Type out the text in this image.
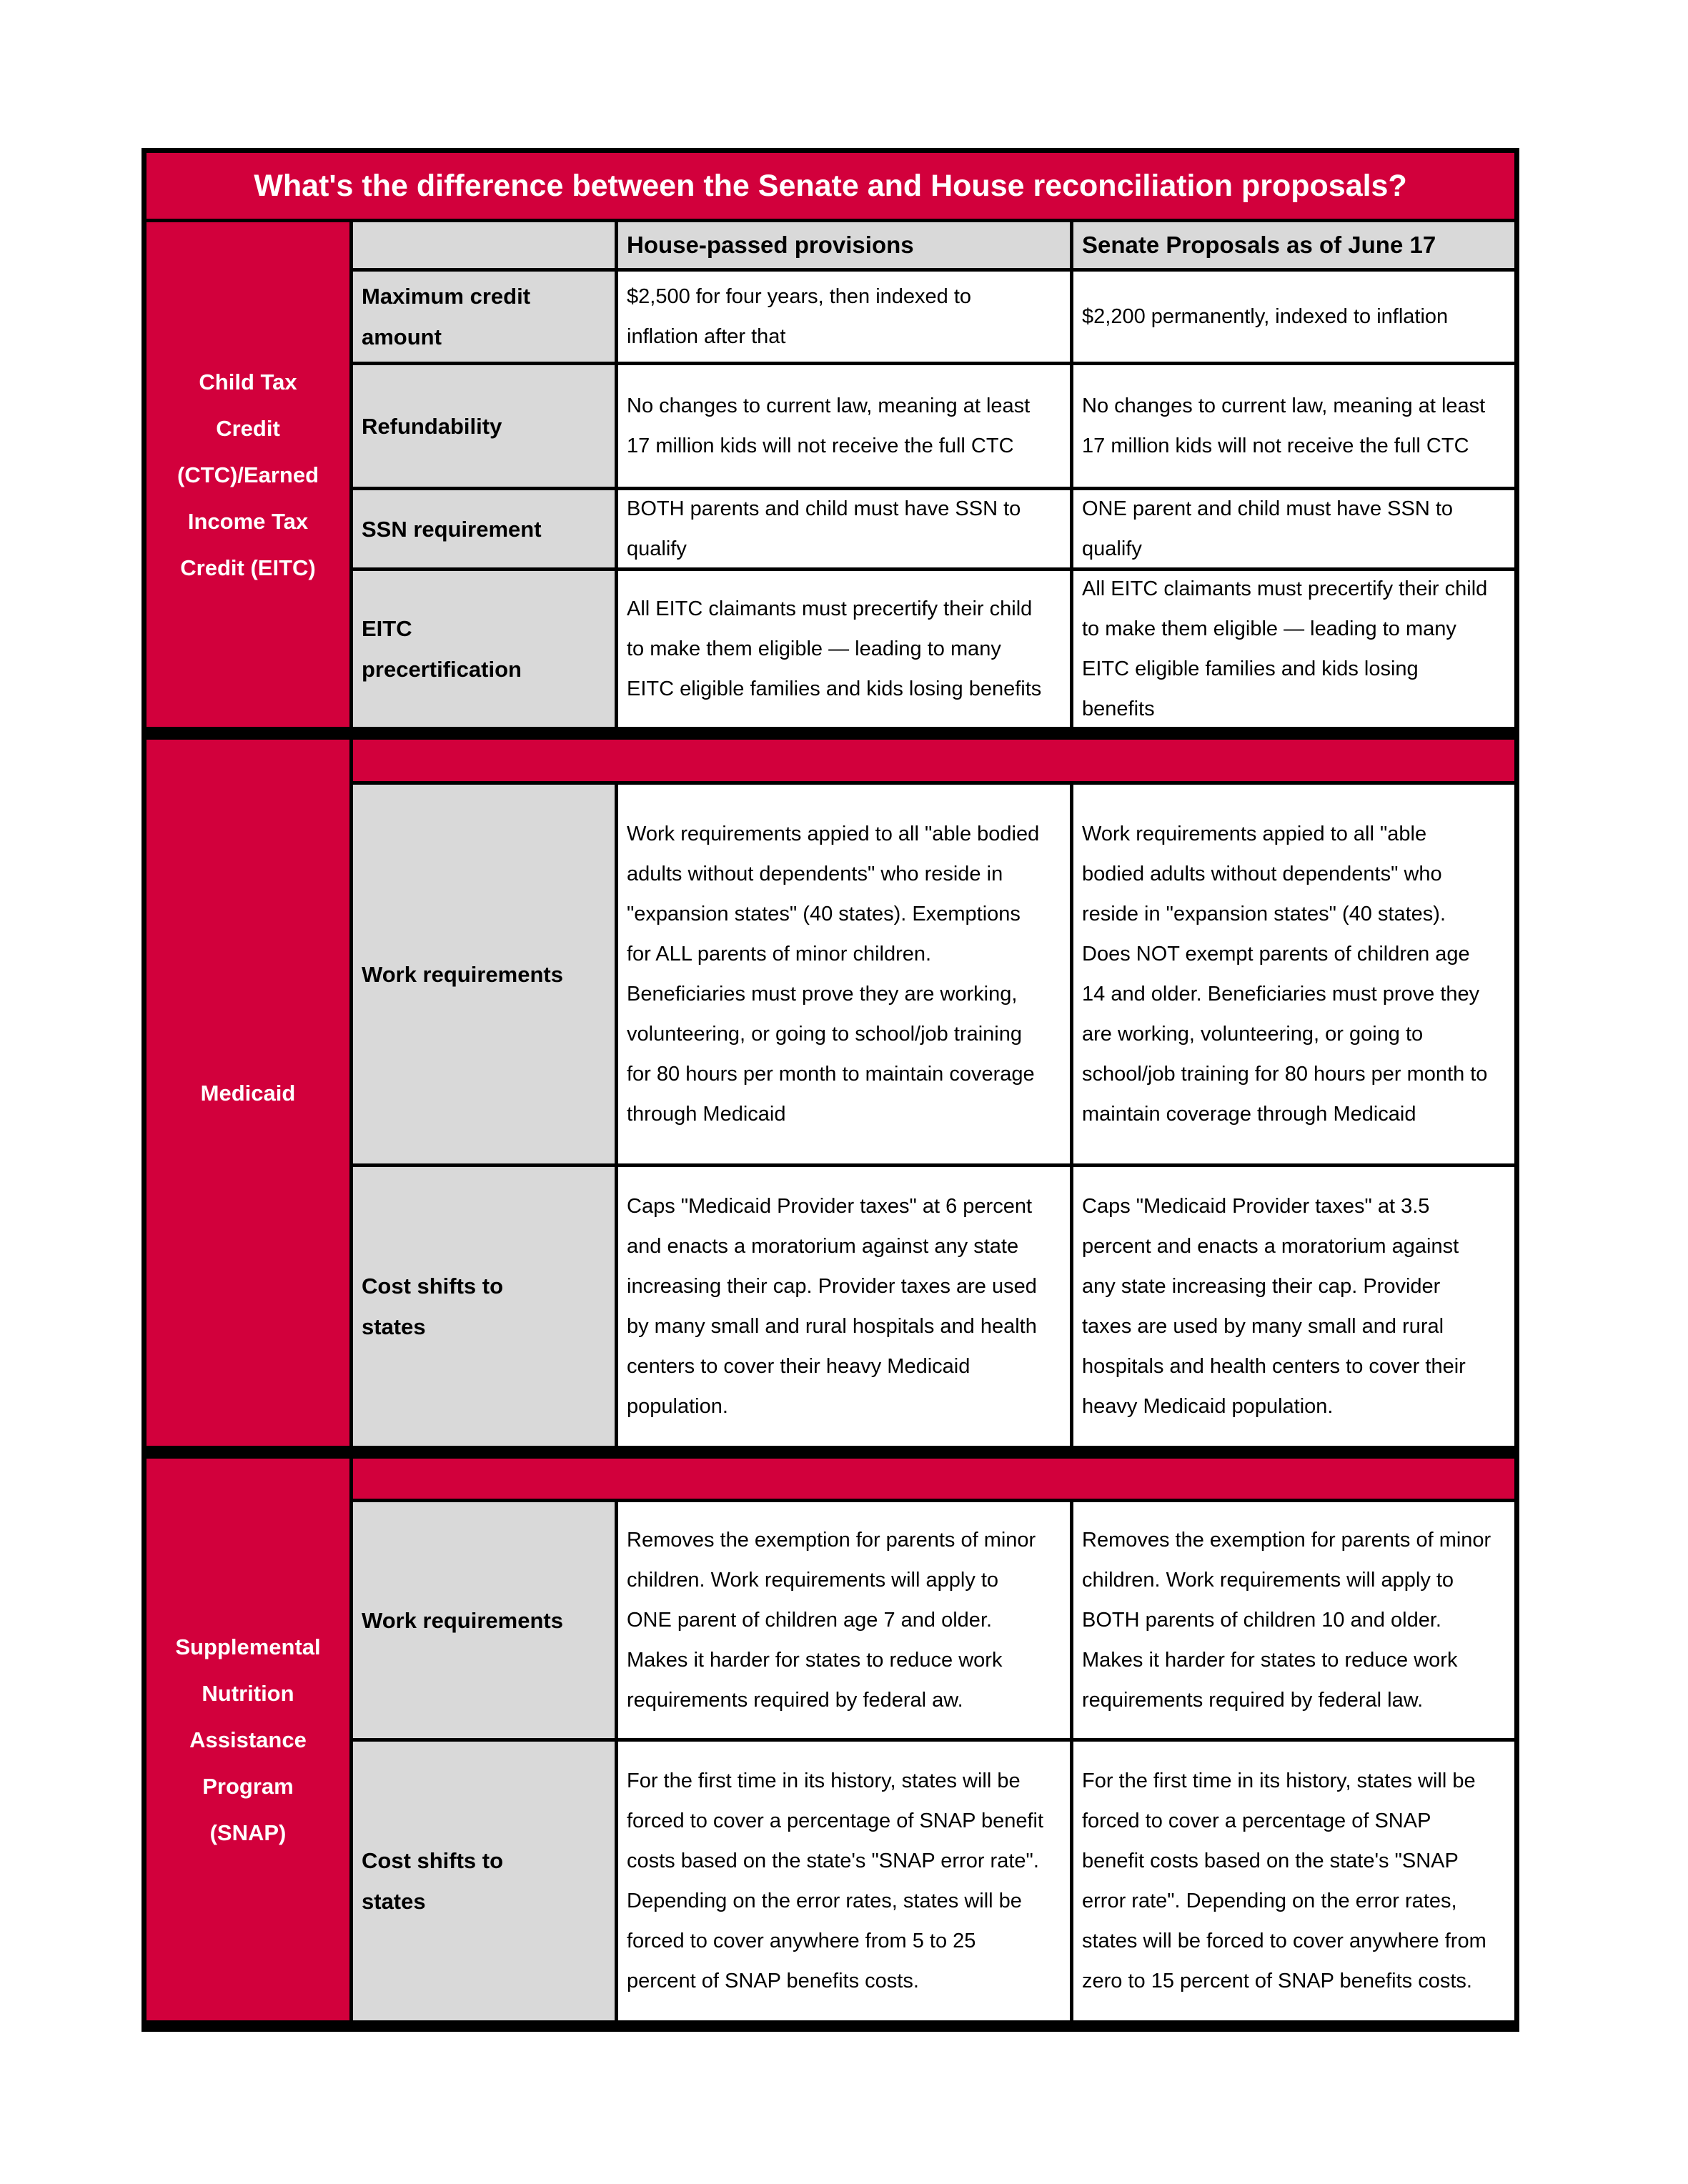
What's the difference between the Senate and House reconciliation proposals?
Child Tax Credit (CTC)/Earned Income Tax Credit (EITC)
House-passed provisions	Senate Proposals as of June 17
Maximum credit amount
$2,500 for four years, then indexed to inflation after that
$2,200 permanently, indexed to inflation
Refundability
No changes to current law, meaning at least 17 million kids will not receive the full CTC
No changes to current law, meaning at least 17 million kids will not receive the full CTC
SSN requirement
BOTH parents and child must have SSN to qualify
ONE parent and child must have SSN to qualify
EITC precertification
All EITC claimants must precertify their child to make them eligible — leading to many EITC eligible families and kids losing benefits
All EITC claimants must precertify their child to make them eligible — leading to many EITC eligible families and kids losing benefits
Medicaid
Work requirements
Work requirements appied to all "able bodied adults without dependents" who reside in "expansion states" (40 states). Exemptions for ALL parents of minor children. Beneficiaries must prove they are working, volunteering, or going to school/job training for 80 hours per month to maintain coverage through Medicaid
Work requirements appied to all "able bodied adults without dependents" who reside in "expansion states" (40 states). Does NOT exempt parents of children age 14 and older. Beneficiaries must prove they are working, volunteering, or going to school/job training for 80 hours per month to maintain coverage through Medicaid
Cost shifts to states
Caps "Medicaid Provider taxes" at 6 percent and enacts a moratorium against any state increasing their cap. Provider taxes are used by many small and rural hospitals and health centers to cover their heavy Medicaid population.
Caps "Medicaid Provider taxes" at 3.5 percent and enacts a moratorium against any state increasing their cap. Provider taxes are used by many small and rural hospitals and health centers to cover their heavy Medicaid population.
Supplemental Nutrition Assistance Program (SNAP)
Work requirements
Removes the exemption for parents of minor children. Work requirements will apply to ONE parent of children age 7 and older. Makes it harder for states to reduce work requirements required by federal aw.
Removes the exemption for parents of minor children. Work requirements will apply to BOTH parents of children 10 and older. Makes it harder for states to reduce work requirements required by federal law.
Cost shifts to states
For the first time in its history, states will be forced to cover a percentage of SNAP benefit costs based on the state's "SNAP error rate". Depending on the error rates, states will be forced to cover anywhere from 5 to 25 percent of SNAP benefits costs.
For the first time in its history, states will be forced to cover a percentage of SNAP benefit costs based on the state's "SNAP error rate". Depending on the error rates, states will be forced to cover anywhere from zero to 15 percent of SNAP benefits costs.
